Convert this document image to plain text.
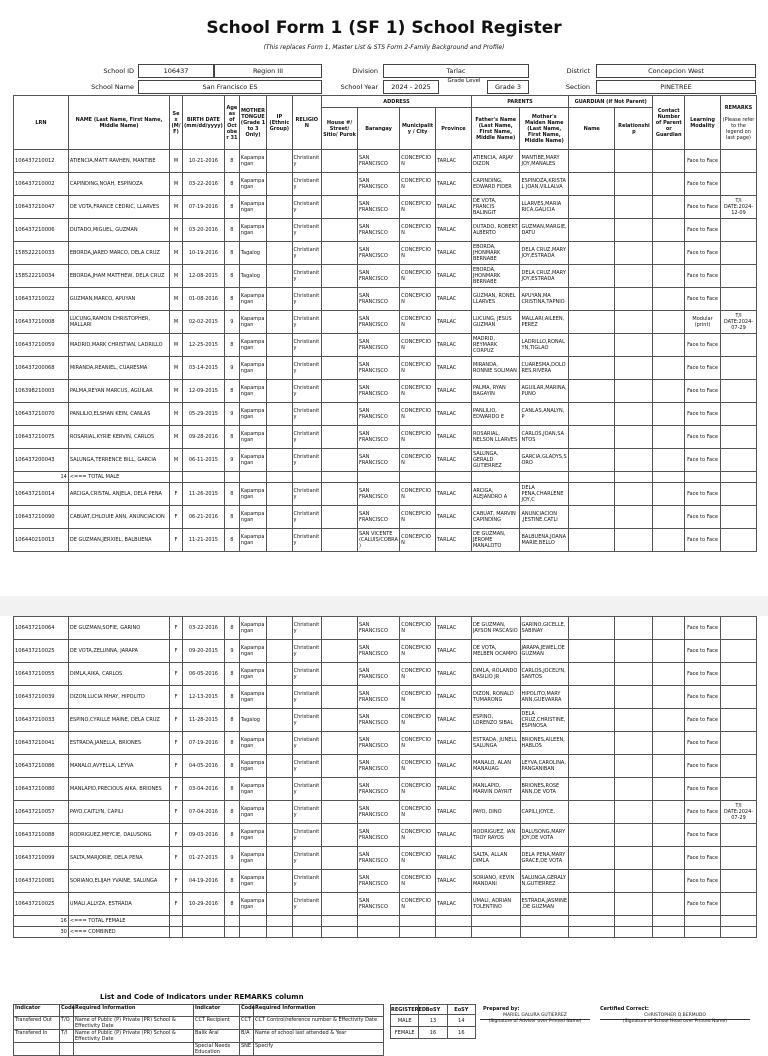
School Form 1 (SF 1) School Register
(This replaces Form 1, Master List & STS Form 2-Family Background and Profile)
School ID	106437	Region III	Division	Tarlac	District	Concepcion West
School Name	San Francisco ES	School Year	2024 - 2025
Grade Level
Grade 3	Section	PINETREE
LRN	NAME (Last Name, First Name, Middle Name)	Sex (M/F)	BIRTH DATE (mm/dd/yyyy)	Age as of October 31	MOTHER TONGUE (Grade 1 to 3 Only)	IP (Ethnic Group)	RELIGION	ADDRESS				PARENTS		GUARDIAN (if Not Parent)		Contact Number of Parent or Guardian	Learning Modality	REMARKS

(Please refer to the legend on last page)
								House #/ Street/ Sitio/ Purok	Barangay	Municipality / City	Province	Father's Name (Last Name, First Name, Middle Name)	Mother's Maiden Name (Last Name, First Name, Middle Name)	Name	Relationship			
106437210012	ATIENCIA,MATT RAVHEN, MANTIBE	M	10-21-2016	8	Kapampangan		Christianity		SAN FRANCISCO	CONCEPCION	TARLAC	ATIENCIA, ARJAY DIZON	MANTIBE,MARY JOY,MANALES				Face to Face	
106437210002	CAPINDING,NOAH, ESPINOZA	M	03-22-2016	8	Kapampangan		Christianity		SAN FRANCISCO	CONCEPCION	TARLAC	CAPINDING, EDWARD FIDER	ESPINOZA,KRISTAL JOAN,VILLALVA				Face to Face	
106437210047	DE VOTA,FRANCE CEDRIC, LLARVES	M	07-19-2016	8	Kapampangan		Christianity		SAN FRANCISCO	CONCEPCION	TARLAC	DE VOTA, FRANCIS BALINGIT	LLARVES,MARIA RICA,GALICIA				Face to Face	T/I DATE:2024-12-09
106437210006	DUTADO,MIGUEL, GUZMAN	M	03-20-2016	8	Kapampangan		Christianity		SAN FRANCISCO	CONCEPCION	TARLAC	DUTADO, ROBERT ALBERTO	GUZMAN,MARGIE,DATU				Face to Face	
158522210033	EBORDA,JARED MARCO, DELA CRUZ	M	10-19-2016	8	Tagalog		Christianity		SAN FRANCISCO	CONCEPCION	TARLAC	EBORDA, JHONMARK BERNABE	DELA CRUZ,MARY JOY,ESTRADA				Face to Face	
158522210034	EBORDA,JHAM MATTHEW, DELA CRUZ	M	12-08-2015	8	Tagalog		Christianity		SAN FRANCISCO	CONCEPCION	TARLAC	EBORDA, JHONMARK BERNABE	DELA CRUZ,MARY JOY,ESTRADA				Face to Face	
106437210022	GUZMAN,MARCO, APUYAN	M	01-08-2016	8	Kapampangan		Christianity		SAN FRANCISCO	CONCEPCION	TARLAC	GUZMAN, RONEL LLARVES	APUYAN,MA CRISTINA,TAPNIO				Face to Face	
106437210008	LUCUNG,RAMON CHRISTOPHER, MALLARI	M	02-02-2015	9	Kapampangan		Christianity		SAN FRANCISCO	CONCEPCION	TARLAC	LUCUNG, JESUS GUZMAN	MALLARI,AILEEN,PEREZ				Modular (print)	T/I DATE:2024-07-29
106437210059	MADRID,MARK CHRISTIAN, LADRILLO	M	12-25-2015	8	Kapampangan		Christianity		SAN FRANCISCO	CONCEPCION	TARLAC	MADRID, REYMARK CORPUZ	LADRILLO,RONALYN,TIGLAO				Face to Face	
106437200068	MIRANDA,REANIEL, CUARESMA	M	03-14-2015	9	Kapampangan		Christianity		SAN FRANCISCO	CONCEPCION	TARLAC	MIRANDA, RONNIE SOLIMAN	CUARESMA,DOLORES,RIVERA				Face to Face	
106398210003	PALMA,REYAN MARCUS, AGUILAR	M	12-09-2015	8	Kapampangan		Christianity		SAN FRANCISCO	CONCEPCION	TARLAC	PALMA, RYAN BAGAYIN	AGUILAR,MARINA,PUNO				Face to Face	
106437210070	PANLILIO,ELSHAN KEIN, CANLAS	M	05-29-2015	9	Kapampangan		Christianity		SAN FRANCISCO	CONCEPCION	TARLAC	PANLILIO, EDWARDO E	CANLAS,ANALYN,P				Face to Face	
106437210075	ROSARIAL,KYRIE KERVIN, CARLOS	M	09-28-2016	8	Kapampangan		Christianity		SAN FRANCISCO	CONCEPCION	TARLAC	ROSARIAL, NELSON LLARVES	CARLOS,JOAN,SANTOS				Face to Face	
106437200043	SALUNGA,TERRENCE BILL, GARCIA	M	06-11-2015	9	Kapampangan		Christianity		SAN FRANCISCO	CONCEPCION	TARLAC	SALUNGA, GERALD GUTIERREZ	GARCIA,GLADYS,SORO				Face to Face	
14	<=== TOTAL MALE																	
106437210014	ARCIGA,CRISTAL ANJELA, DELA PENA	F	11-26-2015	8	Kapampangan		Christianity		SAN FRANCISCO	CONCEPCION	TARLAC	ARCIGA, ALEJANDRO A	DELA PENA,CHARLENE JOY,C				Face to Face	
106437210090	CABUAT,CHLOUIE ANN, ANUNCIACION	F	06-21-2016	8	Kapampangan		Christianity		SAN FRANCISCO	CONCEPCION	TARLAC	CABUAT, MARVIN CAPINDING	ANUNCIACION ,JESTINE,CATLI				Face to Face	
106440210013	DE GUZMAN,JERXIEL, BALBUENA	F	11-21-2015	8	Kapampangan		Christianity		SAN VICENTE (CALUIS/COBRA)	CONCEPCION	TARLAC	DE GUZMAN, JEROME MANALOTO	BALBUENA,JOANA MARIE,BELLO				Face to Face	
106437210064	DE GUZMAN,SOFIE, GARINO	F	03-22-2016	8	Kapampangan		Christianity		SAN FRANCISCO	CONCEPCION	TARLAC	DE GUZMAN, JAYSON PASCASIO	GARINO,GICELLE,SABINAY				Face to Face	
106437210025	DE VOTA,ZELUNNA, JARAPA	F	09-20-2015	9	Kapampangan		Christianity		SAN FRANCISCO	CONCEPCION	TARLAC	DE VOTA, MELBEN OCAMPO	JARAPA,JEWEL,DE GUZMAN				Face to Face	
106437210055	DIMLA,AIKA, CARLOS	F	06-05-2016	8	Kapampangan		Christianity		SAN FRANCISCO	CONCEPCION	TARLAC	DIMLA, ROLANDO BASILIO JR	CARLOS,JOCELYN,SANTOS				Face to Face	
106437210039	DIZON,LUCIA MHAY, HIPOLITO	F	12-13-2015	8	Kapampangan		Christianity		SAN FRANCISCO	CONCEPCION	TARLAC	DIZON, RONALD TUMARONG	HIPOLITO,MARY ANN,GUEVARRA				Face to Face	
106437210033	ESPINO,CYRILLE MAINE, DELA CRUZ	F	11-28-2015	8	Tagalog		Christianity		SAN FRANCISCO	CONCEPCION	TARLAC	ESPINO, LORENZO SIBAL	DELA CRUZ,CHRISTINE,ESPINOSA				Face to Face	
106437210041	ESTRADA,JANELLA, BRIONES	F	07-19-2016	8	Kapampangan		Christianity		SAN FRANCISCO	CONCEPCION	TARLAC	ESTRADA, JUNELL SALUNGA	BRIONES,AILEEN,HABLOS				Face to Face	
106437210086	MANALO,AVYELLA, LEYVA	F	04-05-2016	8	Kapampangan		Christianity		SAN FRANCISCO	CONCEPCION	TARLAC	MANALO, ALAN MANAUAG	LEYVA,CAROLINA,PANGANIBAN				Face to Face	
106437210080	MANLAPID,PRECIOUS AIKA, BRIONES	F	03-04-2016	8	Kapampangan		Christianity		SAN FRANCISCO	CONCEPCION	TARLAC	MANLAPID, MARVIN DAYRIT	BRIONES,ROSE ANN,DE VOTA				Face to Face	
106437210057	PAYO,CAITLYN, CAPILI	F	07-04-2016	8	Kapampangan		Christianity		SAN FRANCISCO	CONCEPCION	TARLAC	PAYO, DINO	CAPILI,JOYCE,				Face to Face	T/I DATE:2024-07-29
106437210088	RODRIGUEZ,MEYCIE, DALUSONG	F	09-03-2016	8	Kapampangan		Christianity		SAN FRANCISCO	CONCEPCION	TARLAC	RODRIGUEZ, IAN TROY RAYOS	DALUSONG,MARY JOY,DE VOTA				Face to Face	
106437210099	SALTA,MARJORIE, DELA PENA	F	01-27-2015	9	Kapampangan		Christianity		SAN FRANCISCO	CONCEPCION	TARLAC	SALTA, ALLAN DIMLA	DELA PENA,MARY GRACE,DE VOTA				Face to Face	
106437210081	SORIANO,ELIJAH YVAINE, SALUNGA	F	04-19-2016	8	Kapampangan		Christianity		SAN FRANCISCO	CONCEPCION	TARLAC	SORIANO, KEVIN MANDANI	SALUNGA,GERALYN,GUTIERREZ				Face to Face	
106437210025	UMALI,ALLYZA, ESTRADA	F	10-29-2016	8	Kapampangan		Christianity		SAN FRANCISCO	CONCEPCION	TARLAC	UMALI, ADRIAN TOLENTINO	ESTRADA,JASMINE,DE GUZMAN				Face to Face	
16	<=== TOTAL FEMALE																	
30	<=== COMBINED																	
List and Code of Indicators under REMARKS column
Indicator	Code	Required Information	Indicator	Code	Required Information
Transfered Out	T/O	Name of Public (P) Private (PR) School & Effectivity Date	CCT Recipient	CCT	CCT Control/reference number & Effectivity Date
Transfered In	T/I	Name of Public (P) Private (PR) School & Effectivity Date	Balik Aral	B/A	Name of school last attended & Year
			Special Needs Education	SNE	Specify
REGISTERED	BoSY	EoSY
MALE	13	14
FEMALE	16	16
Prepared by:
MARIEL GALURA GUTIERREZ
(Signature of Adviser over Printed Name)
Certified Correct:
CHRISTOPHER Q.BERMUDO
(Signature of School Head over Printed Name)
